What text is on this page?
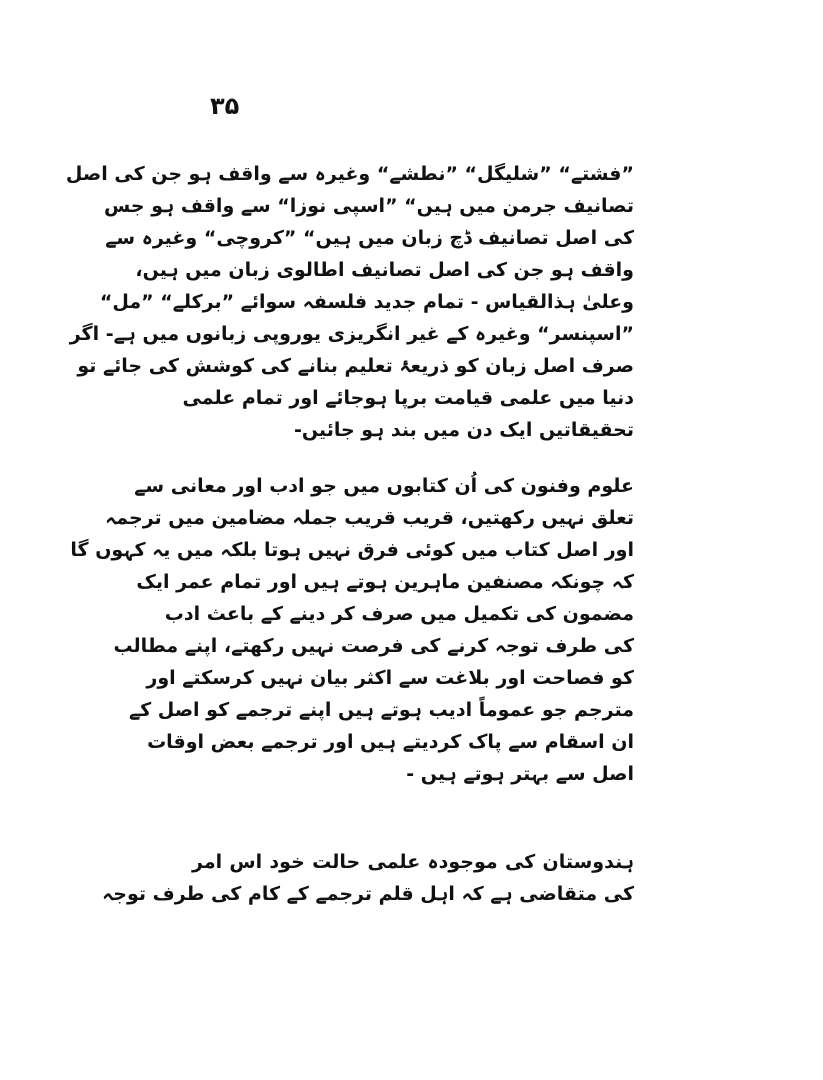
۳۵
”فشتے“ ”شلیگل“ ”نطشے“ وغیرہ سے واقف ہو جن کی اصل
تصانیف جرمن میں ہیں“ ”اسپی نوزا“ سے واقف ہو جس
کی اصل تصانیف ڈچ زبان میں ہیں“ ”کروچی“ وغیرہ سے
واقف ہو جن کی اصل تصانیف اطالوی زبان میں ہیں،
وعلیٰ ہذالقیاس - تمام جدید فلسفہ سوائے ”برکلے“ ”مل“
”اسپنسر“ وغیرہ کے غیر انگریزی یوروپی زبانوں میں ہے- اگر
صرف اصل زبان کو ذریعۂ تعلیم بنانے کی کوشش کی جائے تو
دنیا میں علمی قیامت برپا ہوجائے اور تمام علمی
تحقیقاتیں ایک دن میں بند ہو جائیں-
علوم وفنون کی اُن کتابوں میں جو ادب اور معانی سے
تعلق نہیں رکھتیں، قریب قریب جملہ مضامین میں ترجمہ
اور اصل کتاب میں کوئی فرق نہیں ہوتا بلکہ میں یہ کہوں گا
کہ چونکہ مصنفین ماہرین ہوتے ہیں اور تمام عمر ایک
مضمون کی تکمیل میں صرف کر دینے کے باعث ادب
کی طرف توجہ کرنے کی فرصت نہیں رکھتے، اپنے مطالب
کو فصاحت اور بلاغت سے اکثر بیان نہیں کرسکتے اور
مترجم جو عموماً ادیب ہوتے ہیں اپنے ترجمے کو اصل کے
ان اسقام سے پاک کردیتے ہیں اور ترجمے بعض اوقات
اصل سے بہتر ہوتے ہیں -
ہندوستان کی موجودہ علمی حالت خود اس امر
کی متقاضی ہے کہ اہل قلم ترجمے کے کام کی طرف توجہ
